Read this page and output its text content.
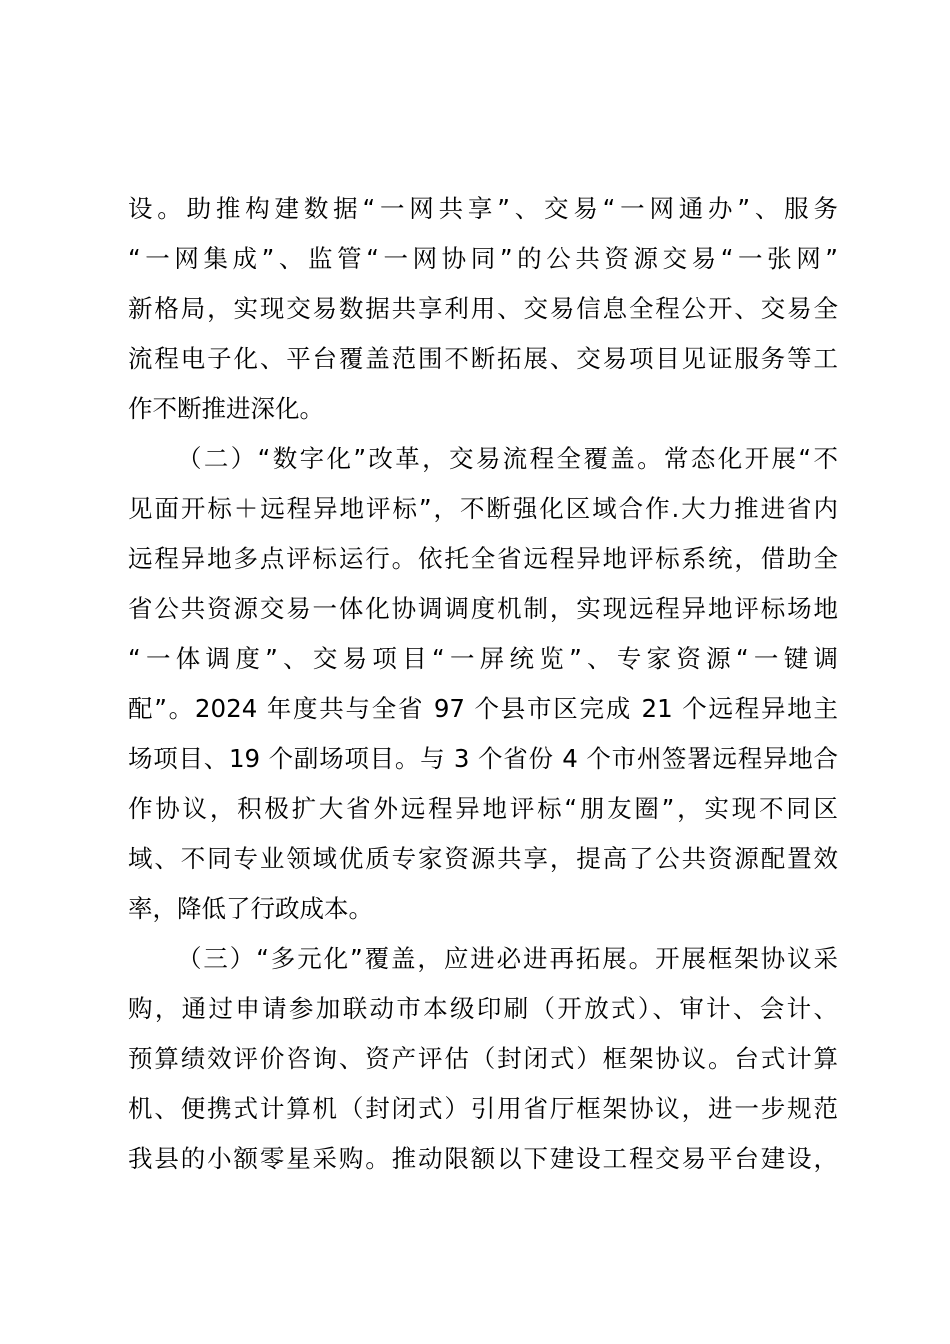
设。助推构建数据“一网共享”、交易“一网通办”、服务
“一网集成”、监管“一网协同”的公共资源交易“一张网”
新格局，实现交易数据共享利用、交易信息全程公开、交易全
流程电子化、平台覆盖范围不断拓展、交易项目见证服务等工
作不断推进深化。
（二）“数字化”改革，交易流程全覆盖。常态化开展“不
见面开标＋远程异地评标”，不断强化区域合作.大力推进省内
远程异地多点评标运行。依托全省远程异地评标系统，借助全
省公共资源交易一体化协调调度机制，实现远程异地评标场地
“一体调度”、交易项目“一屏统览”、专家资源“一键调
配”。2024 年度共与全省 97 个县市区完成 21 个远程异地主
场项目、19 个副场项目。与 3 个省份 4 个市州签署远程异地合
作协议，积极扩大省外远程异地评标“朋友圈”，实现不同区
域、不同专业领域优质专家资源共享，提高了公共资源配置效
率，降低了行政成本。
（三）“多元化”覆盖，应进必进再拓展。开展框架协议采
购，通过申请参加联动市本级印刷（开放式）、审计、会计、
预算绩效评价咨询、资产评估（封闭式）框架协议。台式计算
机、便携式计算机（封闭式）引用省厅框架协议，进一步规范
我县的小额零星采购。推动限额以下建设工程交易平台建设，
